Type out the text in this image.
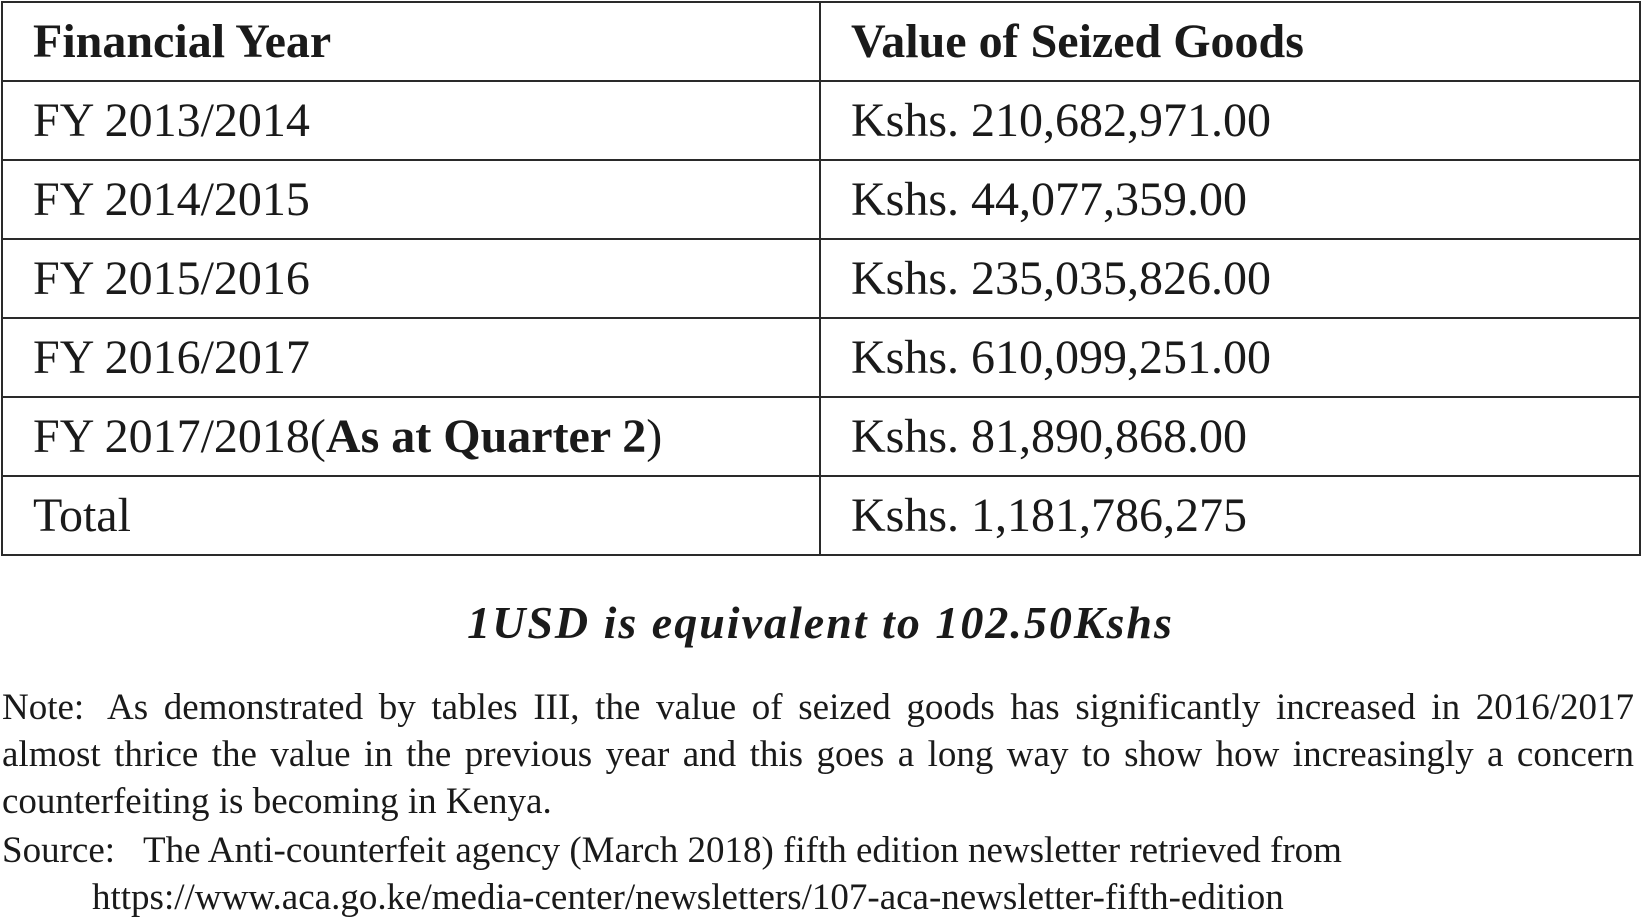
Financial Year	Value of Seized Goods
FY 2013/2014	Kshs. 210,682,971.00
FY 2014/2015	Kshs. 44,077,359.00
FY 2015/2016	Kshs. 235,035,826.00
FY 2016/2017	Kshs. 610,099,251.00
FY 2017/2018(As at Quarter 2)	Kshs. 81,890,868.00
Total	Kshs. 1,181,786,275
1USD is equivalent to 102.50Kshs
Note: As demonstrated by tables III, the value of seized goods has significantly increased in 2016/2017 almost thrice the value in the previous year and this goes a long way to show how increasingly a concern counterfeiting is becoming in Kenya.
Source: The Anti-counterfeit agency (March 2018) fifth edition newsletter retrieved from
https://www.aca.go.ke/media-center/newsletters/107-aca-newsletter-fifth-edition
